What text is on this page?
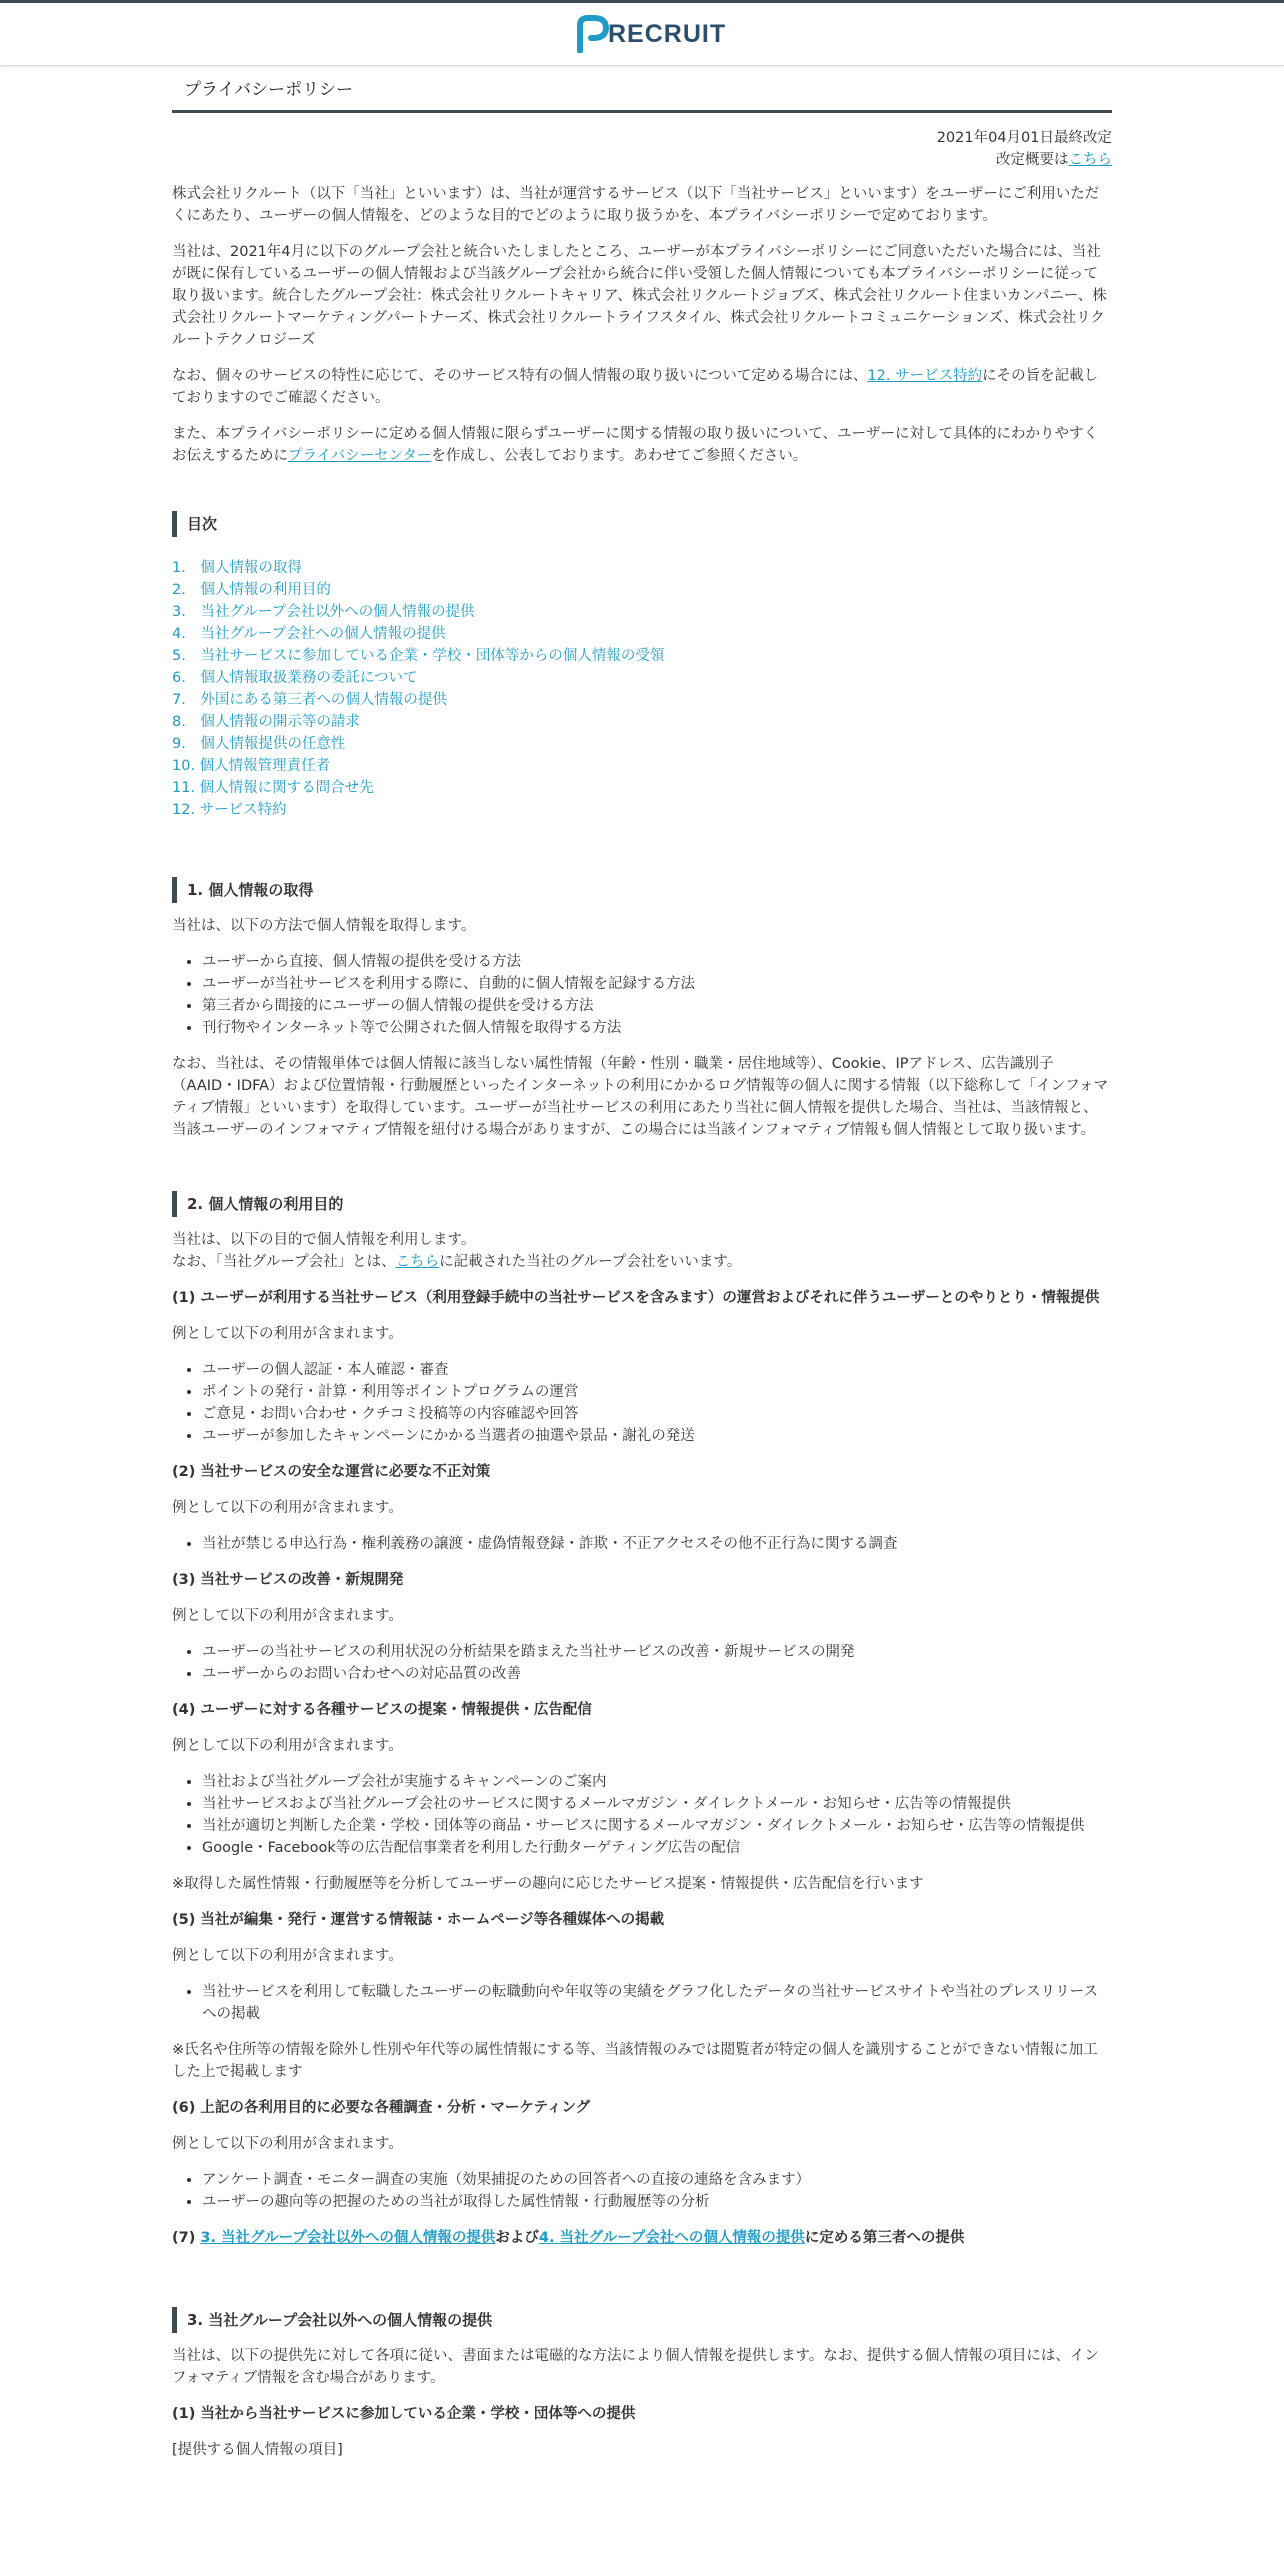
RECRUIT
プライバシーポリシー
2021年04月01日最終改定
改定概要はこちら

株式会社リクルート（以下「当社」といいます）は、当社が運営するサービス（以下「当社サービス」といいます）をユーザーにご利用いただくにあたり、ユーザーの個人情報を、どのような目的でどのように取り扱うかを、本プライバシーポリシーで定めております。

当社は、2021年4月に以下のグループ会社と統合いたしましたところ、ユーザーが本プライバシーポリシーにご同意いただいた場合には、当社が既に保有しているユーザーの個人情報および当該グループ会社から統合に伴い受領した個人情報についても本プライバシーポリシーに従って取り扱います。統合したグループ会社：株式会社リクルートキャリア、株式会社リクルートジョブズ、株式会社リクルート住まいカンパニー、株式会社リクルートマーケティングパートナーズ、株式会社リクルートライフスタイル、株式会社リクルートコミュニケーションズ、株式会社リクルートテクノロジーズ

なお、個々のサービスの特性に応じて、そのサービス特有の個人情報の取り扱いについて定める場合には、12. サービス特約にその旨を記載しておりますのでご確認ください。

また、本プライバシーポリシーに定める個人情報に限らずユーザーに関する情報の取り扱いについて、ユーザーに対して具体的にわかりやすくお伝えするためにプライバシーセンターを作成し、公表しております。あわせてご参照ください。

目次
1.　個人情報の取得
2.　個人情報の利用目的
3.　当社グループ会社以外への個人情報の提供
4.　当社グループ会社への個人情報の提供
5.　当社サービスに参加している企業・学校・団体等からの個人情報の受領
6.　個人情報取扱業務の委託について
7.　外国にある第三者への個人情報の提供
8.　個人情報の開示等の請求
9.　個人情報提供の任意性
10. 個人情報管理責任者
11. 個人情報に関する問合せ先
12. サービス特約
1. 個人情報の取得

当社は、以下の方法で個人情報を取得します。

• ユーザーから直接、個人情報の提供を受ける方法
• ユーザーが当社サービスを利用する際に、自動的に個人情報を記録する方法
• 第三者から間接的にユーザーの個人情報の提供を受ける方法
• 刊行物やインターネット等で公開された個人情報を取得する方法

なお、当社は、その情報単体では個人情報に該当しない属性情報（年齢・性別・職業・居住地域等）、Cookie、IPアドレス、広告識別子（AAID・IDFA）および位置情報・行動履歴といったインターネットの利用にかかるログ情報等の個人に関する情報（以下総称して「インフォマティブ情報」といいます）を取得しています。ユーザーが当社サービスの利用にあたり当社に個人情報を提供した場合、当社は、当該情報と、当該ユーザーのインフォマティブ情報を紐付ける場合がありますが、この場合には当該インフォマティブ情報も個人情報として取り扱います。

2. 個人情報の利用目的

当社は、以下の目的で個人情報を利用します。
なお、「当社グループ会社」とは、こちらに記載された当社のグループ会社をいいます。

(1) ユーザーが利用する当社サービス（利用登録手続中の当社サービスを含みます）の運営およびそれに伴うユーザーとのやりとり・情報提供

例として以下の利用が含まれます。

• ユーザーの個人認証・本人確認・審査
• ポイントの発行・計算・利用等ポイントプログラムの運営
• ご意見・お問い合わせ・クチコミ投稿等の内容確認や回答
• ユーザーが参加したキャンペーンにかかる当選者の抽選や景品・謝礼の発送

(2) 当社サービスの安全な運営に必要な不正対策

例として以下の利用が含まれます。

• 当社が禁じる申込行為・権利義務の譲渡・虚偽情報登録・詐欺・不正アクセスその他不正行為に関する調査

(3) 当社サービスの改善・新規開発

例として以下の利用が含まれます。

• ユーザーの当社サービスの利用状況の分析結果を踏まえた当社サービスの改善・新規サービスの開発
• ユーザーからのお問い合わせへの対応品質の改善

(4) ユーザーに対する各種サービスの提案・情報提供・広告配信

例として以下の利用が含まれます。

• 当社および当社グループ会社が実施するキャンペーンのご案内
• 当社サービスおよび当社グループ会社のサービスに関するメールマガジン・ダイレクトメール・お知らせ・広告等の情報提供
• 当社が適切と判断した企業・学校・団体等の商品・サービスに関するメールマガジン・ダイレクトメール・お知らせ・広告等の情報提供
• Google・Facebook等の広告配信事業者を利用した行動ターゲティング広告の配信

※取得した属性情報・行動履歴等を分析してユーザーの趣向に応じたサービス提案・情報提供・広告配信を行います

(5) 当社が編集・発行・運営する情報誌・ホームページ等各種媒体への掲載

例として以下の利用が含まれます。

• 当社サービスを利用して転職したユーザーの転職動向や年収等の実績をグラフ化したデータの当社サービスサイトや当社のプレスリリースへの掲載

※氏名や住所等の情報を除外し性別や年代等の属性情報にする等、当該情報のみでは閲覧者が特定の個人を識別することができない情報に加工した上で掲載します

(6) 上記の各利用目的に必要な各種調査・分析・マーケティング

例として以下の利用が含まれます。

• アンケート調査・モニター調査の実施（効果捕捉のための回答者への直接の連絡を含みます）
• ユーザーの趣向等の把握のための当社が取得した属性情報・行動履歴等の分析

(7) 3. 当社グループ会社以外への個人情報の提供および4. 当社グループ会社への個人情報の提供に定める第三者への提供

3. 当社グループ会社以外への個人情報の提供

当社は、以下の提供先に対して各項に従い、書面または電磁的な方法により個人情報を提供します。なお、提供する個人情報の項目には、インフォマティブ情報を含む場合があります。

(1) 当社から当社サービスに参加している企業・学校・団体等への提供

[提供する個人情報の項目]
